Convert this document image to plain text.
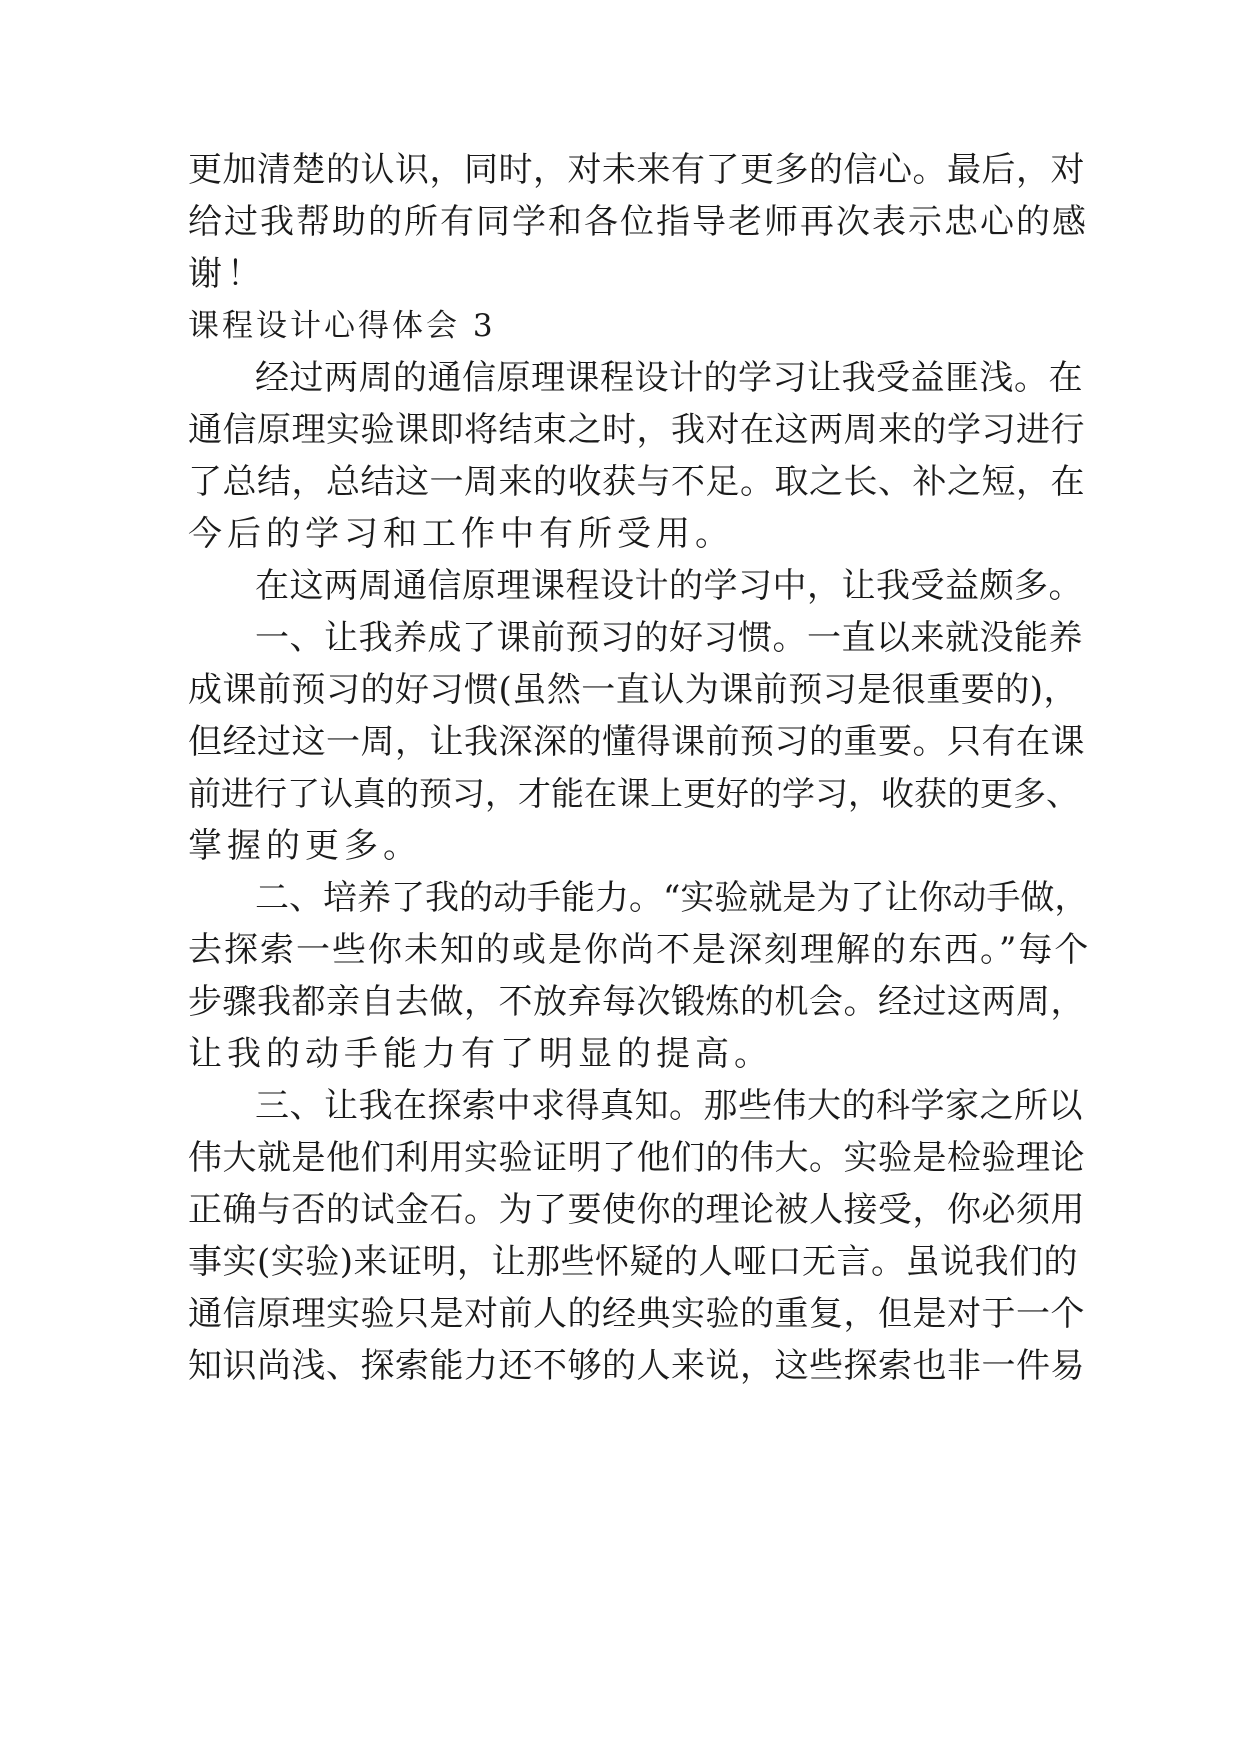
更加清楚的认识，同时，对未来有了更多的信心。最后，对
给过我帮助的所有同学和各位指导老师再次表示忠心的感
谢！
课程设计心得体会 3
经过两周的通信原理课程设计的学习让我受益匪浅。在
通信原理实验课即将结束之时，我对在这两周来的学习进行
了总结，总结这一周来的收获与不足。取之长、补之短，在
今后的学习和工作中有所受用。
在这两周通信原理课程设计的学习中，让我受益颇多。
一、让我养成了课前预习的好习惯。一直以来就没能养
成课前预习的好习惯(虽然一直认为课前预习是很重要的)，
但经过这一周，让我深深的懂得课前预习的重要。只有在课
前进行了认真的预习，才能在课上更好的学习，收获的更多、
掌握的更多。
二、培养了我的动手能力。“实验就是为了让你动手做，
去探索一些你未知的或是你尚不是深刻理解的东西。”每个
步骤我都亲自去做，不放弃每次锻炼的机会。经过这两周，
让我的动手能力有了明显的提高。
三、让我在探索中求得真知。那些伟大的科学家之所以
伟大就是他们利用实验证明了他们的伟大。实验是检验理论
正确与否的试金石。为了要使你的理论被人接受，你必须用
事实(实验)来证明，让那些怀疑的人哑口无言。虽说我们的
通信原理实验只是对前人的经典实验的重复，但是对于一个
知识尚浅、探索能力还不够的人来说，这些探索也非一件易
